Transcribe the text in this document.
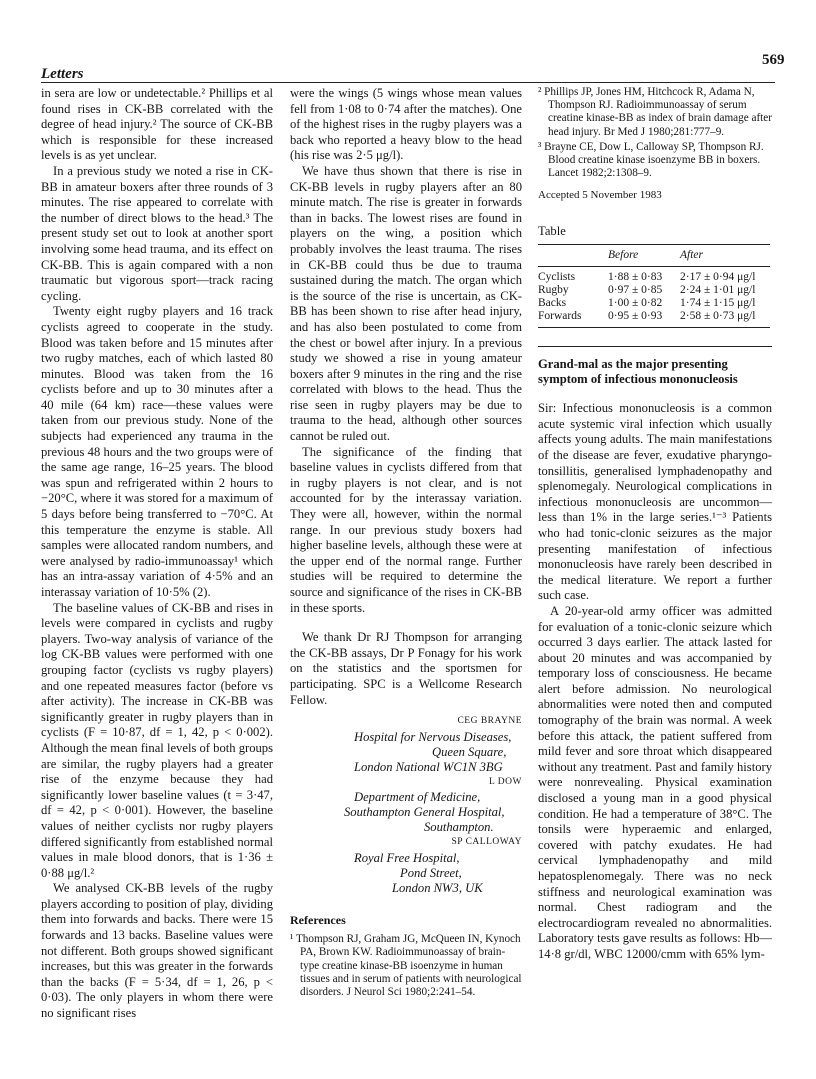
Letters
569

in sera are low or undetectable.² Phillips et al found rises in CK-BB correlated with the degree of head injury.² The source of CK-BB which is responsible for these increased levels is as yet unclear.

In a previous study we noted a rise in CK-BB in amateur boxers after three rounds of 3 minutes. The rise appeared to correlate with the number of direct blows to the head.³ The present study set out to look at another sport involving some head trauma, and its effect on CK-BB. This is again compared with a non traumatic but vigorous sport—track racing cycling.

Twenty eight rugby players and 16 track cyclists agreed to cooperate in the study. Blood was taken before and 15 minutes after two rugby matches, each of which lasted 80 minutes. Blood was taken from the 16 cyclists before and up to 30 minutes after a 40 mile (64 km) race—these values were taken from our previous study. None of the subjects had experienced any trauma in the previous 48 hours and the two groups were of the same age range, 16–25 years. The blood was spun and refrigerated within 2 hours to −20°C, where it was stored for a maximum of 5 days before being transferred to −70°C. At this temperature the enzyme is stable. All samples were allocated random numbers, and were analysed by radio-immunoassay¹ which has an intra-assay variation of 4·5% and an interassay variation of 10·5% (2).

The baseline values of CK-BB and rises in levels were compared in cyclists and rugby players. Two-way analysis of variance of the log CK-BB values were performed with one grouping factor (cyclists vs rugby players) and one repeated measures factor (before vs after activity). The increase in CK-BB was significantly greater in rugby players than in cyclists (F = 10·87, df = 1, 42, p < 0·002). Although the mean final levels of both groups are similar, the rugby players had a greater rise of the enzyme because they had significantly lower baseline values (t = 3·47, df = 42, p < 0·001). However, the baseline values of neither cyclists nor rugby players differed significantly from established normal values in male blood donors, that is 1·36 ± 0·88 μg/l.²

We analysed CK-BB levels of the rugby players according to position of play, dividing them into forwards and backs. There were 15 forwards and 13 backs. Baseline values were not different. Both groups showed significant increases, but this was greater in the forwards than the backs (F = 5·34, df = 1, 26, p < 0·03). The only players in whom there were no significant rises

were the wings (5 wings whose mean values fell from 1·08 to 0·74 after the matches). One of the highest rises in the rugby players was a back who reported a heavy blow to the head (his rise was 2·5 μg/l).

We have thus shown that there is rise in CK-BB levels in rugby players after an 80 minute match. The rise is greater in forwards than in backs. The lowest rises are found in players on the wing, a position which probably involves the least trauma. The rises in CK-BB could thus be due to trauma sustained during the match. The organ which is the source of the rise is uncertain, as CK-BB has been shown to rise after head injury, and has also been postulated to come from the chest or bowel after injury. In a previous study we showed a rise in young amateur boxers after 9 minutes in the ring and the rise correlated with blows to the head. Thus the rise seen in rugby players may be due to trauma to the head, although other sources cannot be ruled out.

The significance of the finding that baseline values in cyclists differed from that in rugby players is not clear, and is not accounted for by the interassay variation. They were all, however, within the normal range. In our previous study boxers had higher baseline levels, although these were at the upper end of the normal range. Further studies will be required to determine the source and significance of the rises in CK-BB in these sports.

We thank Dr RJ Thompson for arranging the CK-BB assays, Dr P Fonagy for his work on the statistics and the sportsmen for participating. SPC is a Wellcome Research Fellow.

CEG BRAYNE
Hospital for Nervous Diseases,
Queen Square,
London National WC1N 3BG
L DOW
Department of Medicine,
Southampton General Hospital,
Southampton.
SP CALLOWAY
Royal Free Hospital,
Pond Street,
London NW3, UK
References

¹ Thompson RJ, Graham JG, McQueen IN, Kynoch PA, Brown KW. Radioimmunoassay of brain-type creatine kinase-BB isoenzyme in human tissues and in serum of patients with neurological disorders. J Neurol Sci 1980;2:241–54.

² Phillips JP, Jones HM, Hitchcock R, Adama N, Thompson RJ. Radioimmunoassay of serum creatine kinase-BB as index of brain damage after head injury. Br Med J 1980;281:777–9.

³ Brayne CE, Dow L, Calloway SP, Thompson RJ. Blood creatine kinase isoenzyme BB in boxers. Lancet 1982;2:1308–9.

Accepted 5 November 1983
Table
	Before	After
Cyclists	1·88 ± 0·83	2·17 ± 0·94 μg/l
Rugby	0·97 ± 0·85	2·24 ± 1·01 μg/l
Backs	1·00 ± 0·82	1·74 ± 1·15 μg/l
Forwards	0·95 ± 0·93	2·58 ± 0·73 μg/l
Grand-mal as the major presenting symptom of infectious mononucleosis

Sir: Infectious mononucleosis is a common acute systemic viral infection which usually affects young adults. The main manifestations of the disease are fever, exudative pharyngo-tonsillitis, generalised lymphadenopathy and splenomegaly. Neurological complications in infectious mononucleosis are uncommon—less than 1% in the large series.¹⁻³ Patients who had tonic-clonic seizures as the major presenting manifestation of infectious mononucleosis have rarely been described in the medical literature. We report a further such case.

A 20-year-old army officer was admitted for evaluation of a tonic-clonic seizure which occurred 3 days earlier. The attack lasted for about 20 minutes and was accompanied by temporary loss of consciousness. He became alert before admission. No neurological abnormalities were noted then and computed tomography of the brain was normal. A week before this attack, the patient suffered from mild fever and sore throat which disappeared without any treatment. Past and family history were nonrevealing. Physical examination disclosed a young man in a good physical condition. He had a temperature of 38°C. The tonsils were hyperaemic and enlarged, covered with patchy exudates. He had cervical lymphadenopathy and mild hepatosplenomegaly. There was no neck stiffness and neurological examination was normal. Chest radiogram and the electrocardiogram revealed no abnormalities. Laboratory tests gave results as follows: Hb—14·8 gr/dl, WBC 12000/cmm with 65% lym-
